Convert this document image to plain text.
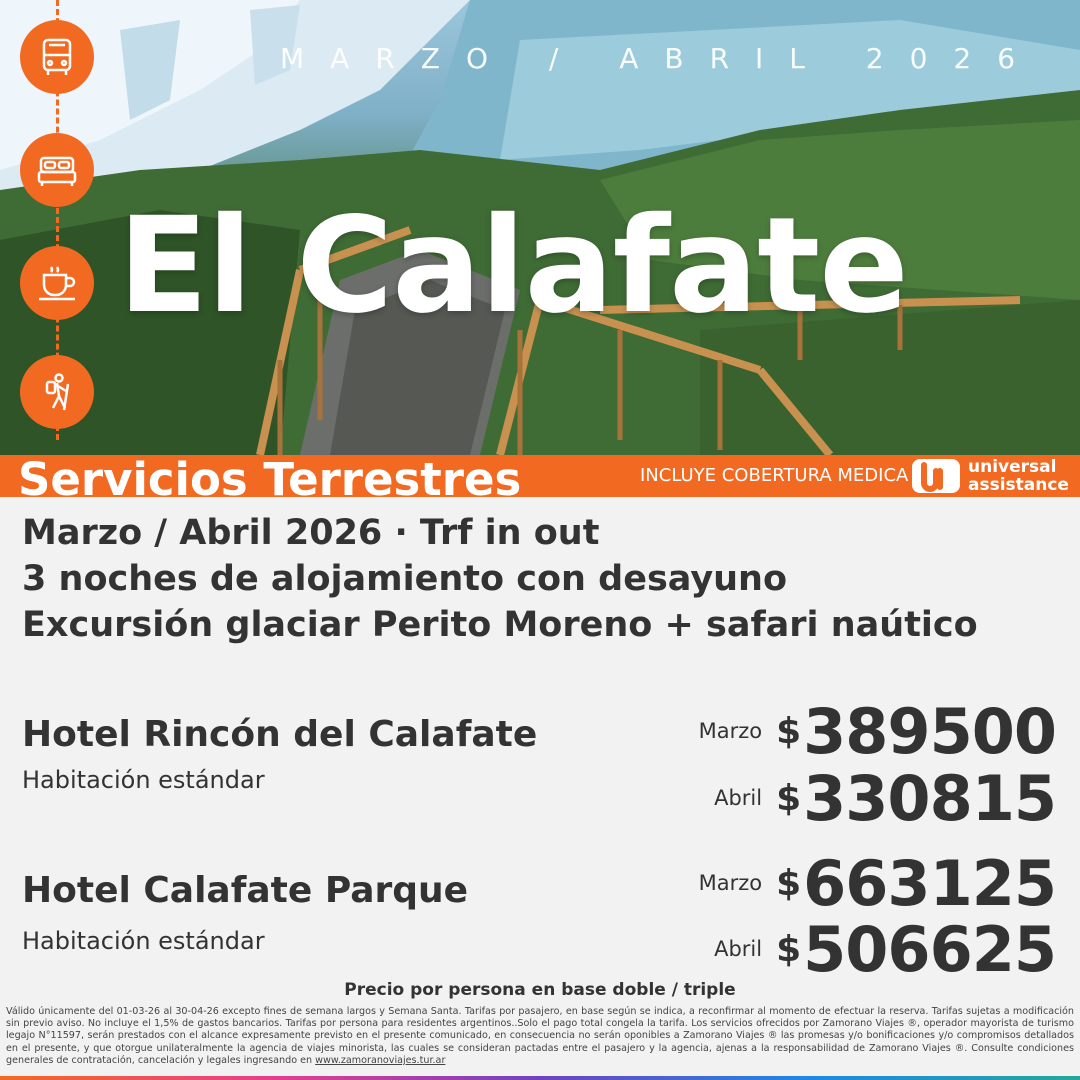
MARZO / ABRIL 2026
El Calafate
Servicios Terrestres	INCLUYE COBERTURA MEDICA	universal
assistance
Marzo / Abril 2026 · Trf in out
3 noches de alojamiento con desayuno
Excursión glaciar Perito Moreno + safari naútico
Hotel Rincón del Calafate
Habitación estándar
Marzo $ 389500
Abril $ 330815
Hotel Calafate Parque
Habitación estándar
Marzo $ 663125
Abril $ 506625
Precio por persona en base doble / triple
Válido únicamente del 01-03-26 al 30-04-26 excepto fines de semana largos y Semana Santa. Tarifas por pasajero, en base según se indica, a reconfirmar al momento de efectuar la reserva. Tarifas sujetas a modificación sin previo aviso. No incluye el 1,5% de gastos bancarios. Tarifas por persona para residentes argentinos..Solo el pago total congela la tarifa. Los servicios ofrecidos por Zamorano Viajes ®, operador mayorista de turismo legajo N°11597, serán prestados con el alcance expresamente previsto en el presente comunicado, en consecuencia no serán oponibles a Zamorano Viajes ® las promesas y/o bonificaciones y/o compromisos detallados en el presente, y que otorgue unilateralmente la agencia de viajes minorista, las cuales se consideran pactadas entre el pasajero y la agencia, ajenas a la responsabilidad de Zamorano Viajes ®. Consulte condiciones generales de contratación, cancelación y legales ingresando en www.zamoranoviajes.tur.ar
